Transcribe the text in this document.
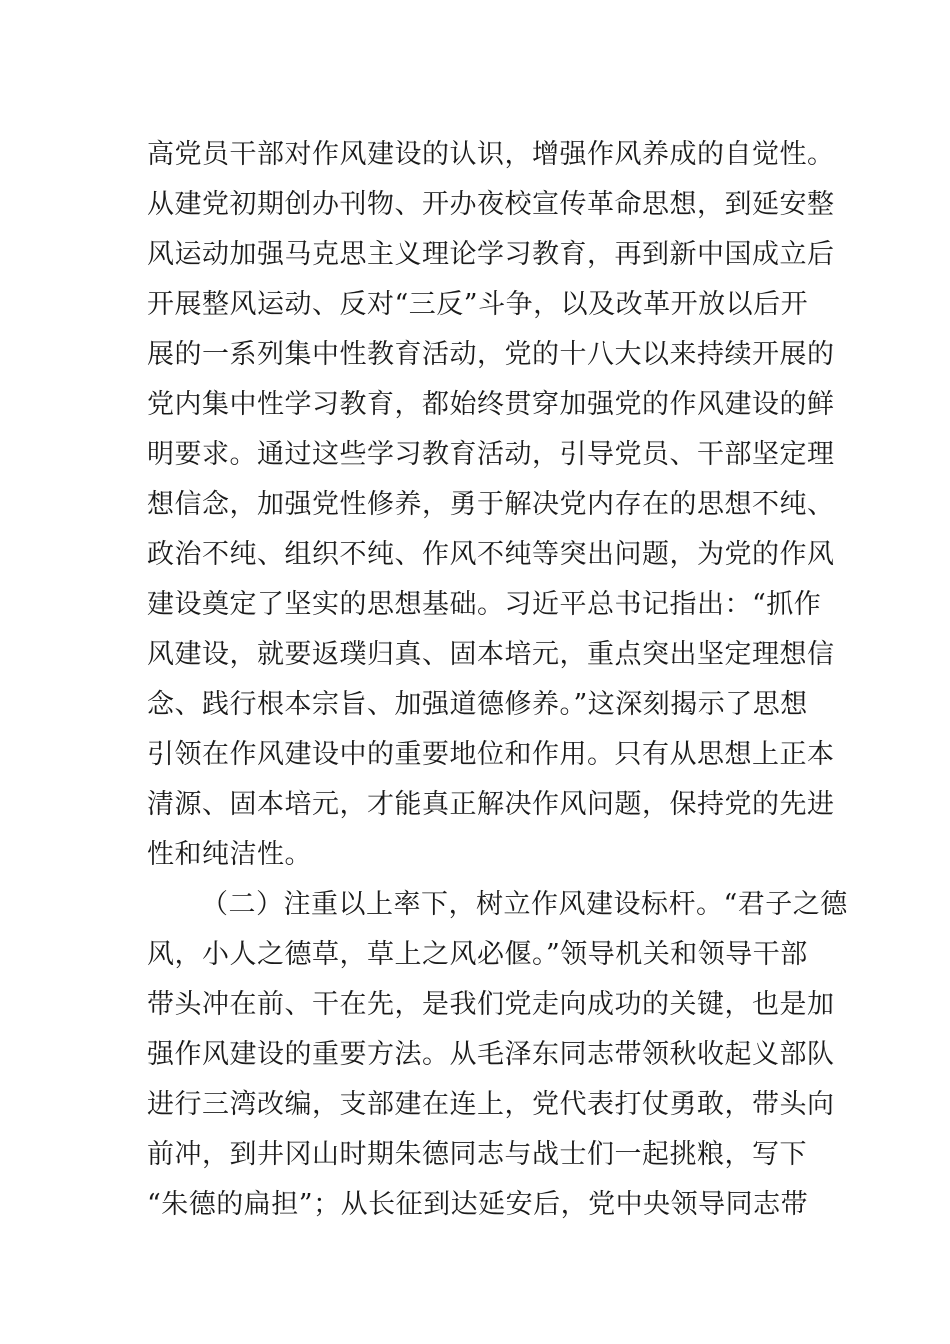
高党员干部对作风建设的认识，增强作风养成的自觉性。
从建党初期创办刊物、开办夜校宣传革命思想，到延安整
风运动加强马克思主义理论学习教育，再到新中国成立后
开展整风运动、反对“三反”斗争，以及改革开放以后开
展的一系列集中性教育活动，党的十八大以来持续开展的
党内集中性学习教育，都始终贯穿加强党的作风建设的鲜
明要求。通过这些学习教育活动，引导党员、干部坚定理
想信念，加强党性修养，勇于解决党内存在的思想不纯、
政治不纯、组织不纯、作风不纯等突出问题，为党的作风
建设奠定了坚实的思想基础。习近平总书记指出：“抓作
风建设，就要返璞归真、固本培元，重点突出坚定理想信
念、践行根本宗旨、加强道德修养。”这深刻揭示了思想
引领在作风建设中的重要地位和作用。只有从思想上正本
清源、固本培元，才能真正解决作风问题，保持党的先进
性和纯洁性。
（二）注重以上率下，树立作风建设标杆。“君子之德
风，小人之德草，草上之风必偃。”领导机关和领导干部
带头冲在前、干在先，是我们党走向成功的关键，也是加
强作风建设的重要方法。从毛泽东同志带领秋收起义部队
进行三湾改编，支部建在连上，党代表打仗勇敢，带头向
前冲，到井冈山时期朱德同志与战士们一起挑粮，写下
“朱德的扁担”；从长征到达延安后，党中央领导同志带
